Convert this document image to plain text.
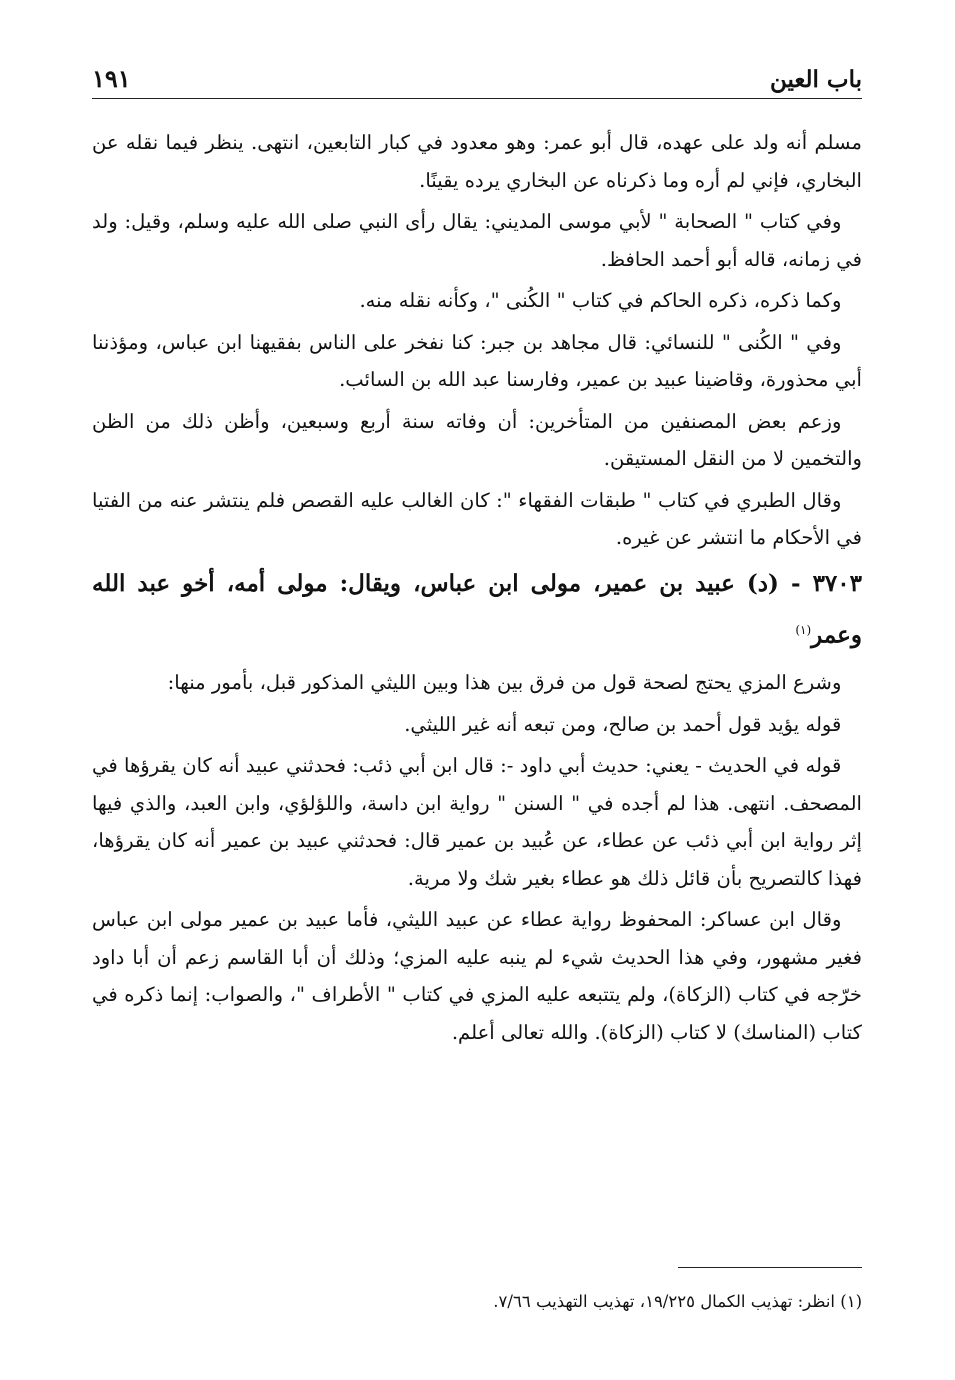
باب العين
١٩١

مسلم أنه ولد على عهده، قال أبو عمر: وهو معدود في كبار التابعين، انتهى. ينظر فيما نقله عن البخاري، فإني لم أره وما ذكرناه عن البخاري يرده يقينًا.

وفي كتاب " الصحابة " لأبي موسى المديني: يقال رأى النبي صلى الله عليه وسلم، وقيل: ولد في زمانه، قاله أبو أحمد الحافظ.

وكما ذكره، ذكره الحاكم في كتاب " الكُنى "، وكأنه نقله منه.

وفي " الكُنى " للنسائي: قال مجاهد بن جبر: كنا نفخر على الناس بفقيهنا ابن عباس، ومؤذننا أبي محذورة، وقاضينا عبيد بن عمير، وفارسنا عبد الله بن السائب.

وزعم بعض المصنفين من المتأخرين: أن وفاته سنة أربع وسبعين، وأظن ذلك من الظن والتخمين لا من النقل المستيقن.

وقال الطبري في كتاب " طبقات الفقهاء ": كان الغالب عليه القصص فلم ينتشر عنه من الفتيا في الأحكام ما انتشر عن غيره.

٣٧٠٣ - (د) عبيد بن عمير، مولى ابن عباس، ويقال: مولى أمه، أخو عبد الله وعمر$^{(١)}$

وشرع المزي يحتج لصحة قول من فرق بين هذا وبين الليثي المذكور قبل، بأمور منها:

قوله يؤيد قول أحمد بن صالح، ومن تبعه أنه غير الليثي.

قوله في الحديث - يعني: حديث أبي داود -: قال ابن أبي ذئب: فحدثني عبيد أنه كان يقرؤها في المصحف. انتهى. هذا لم أجده في " السنن " رواية ابن داسة، واللؤلؤي، وابن العبد، والذي فيها إثر رواية ابن أبي ذئب عن عطاء، عن عُبيد بن عمير قال: فحدثني عبيد بن عمير أنه كان يقرؤها، فهذا كالتصريح بأن قائل ذلك هو عطاء بغير شك ولا مرية.

وقال ابن عساكر: المحفوظ رواية عطاء عن عبيد الليثي، فأما عبيد بن عمير مولى ابن عباس فغير مشهور، وفي هذا الحديث شيء لم ينبه عليه المزي؛ وذلك أن أبا القاسم زعم أن أبا داود خرّجه في كتاب (الزكاة)، ولم يتتبعه عليه المزي في كتاب " الأطراف "، والصواب: إنما ذكره في كتاب (المناسك) لا كتاب (الزكاة). والله تعالى أعلم.

(١) انظر: تهذيب الكمال ١٩/٢٢٥، تهذيب التهذيب ٧/٦٦.
